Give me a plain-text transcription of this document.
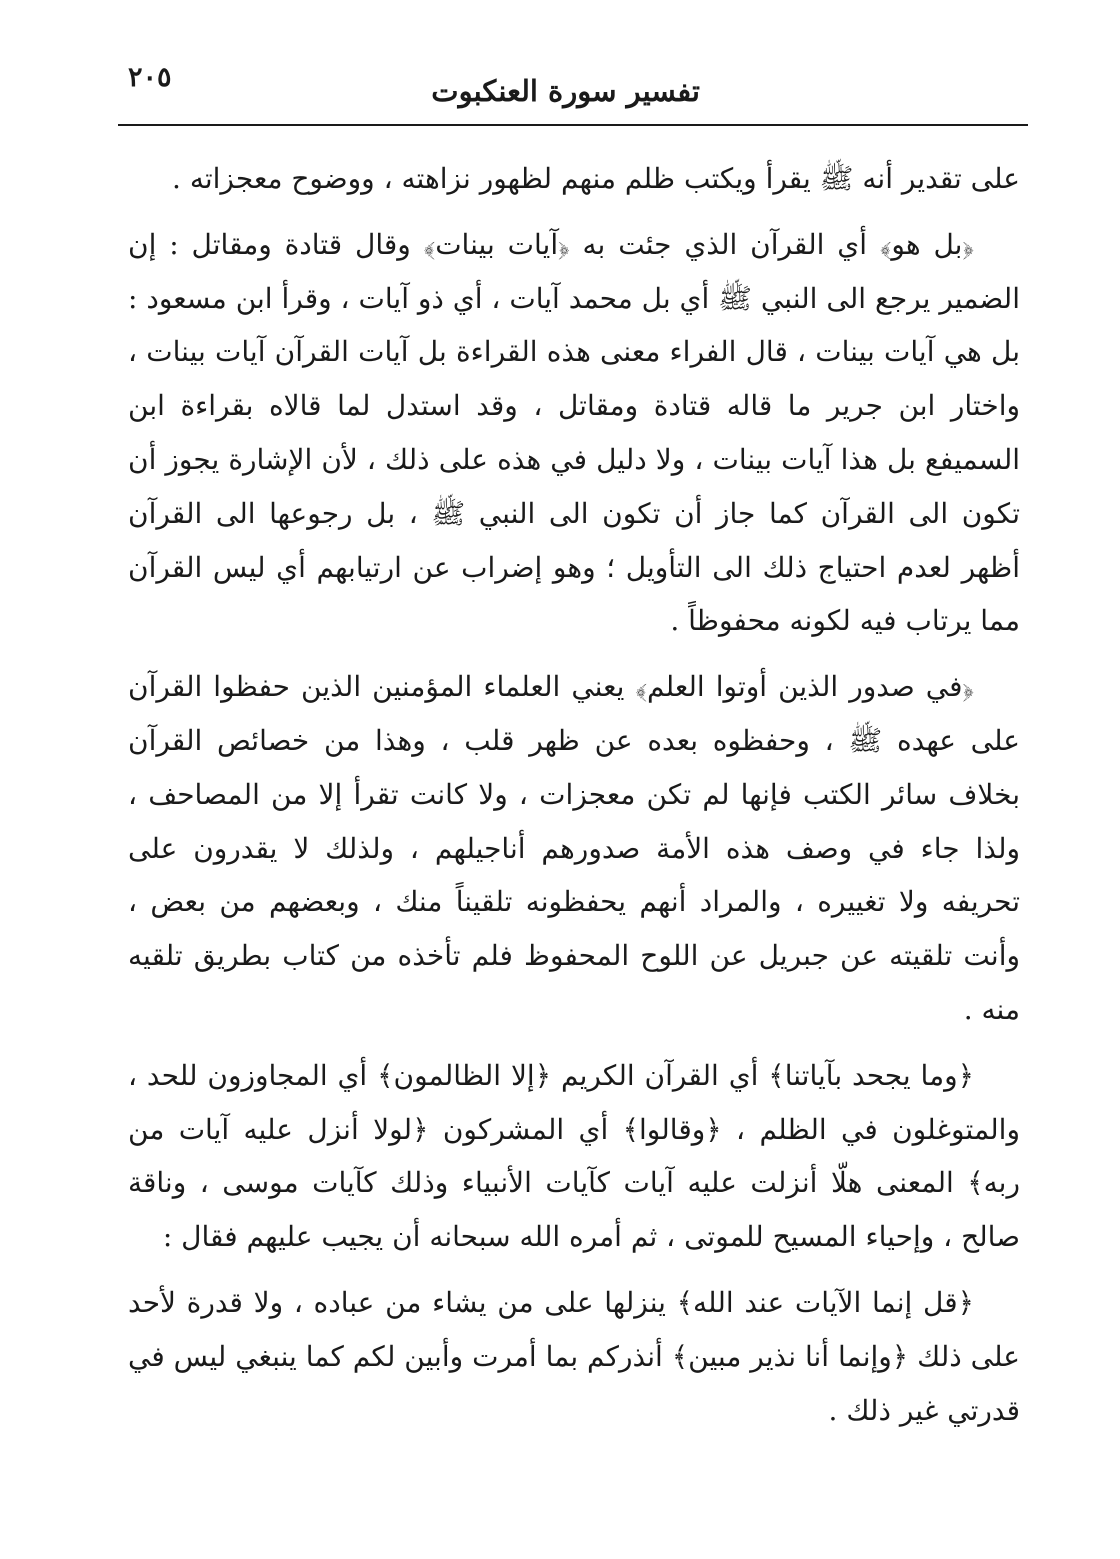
٢٠٥	تفسير سورة العنكبوت

على تقدير أنه ﷺ يقرأ ويكتب ظلم منهم لظهور نزاهته ، ووضوح معجزاته .

﴿بل هو﴾ أي القرآن الذي جئت به ﴿آيات بينات﴾ وقال قتادة ومقاتل : إن الضمير يرجع الى النبي ﷺ أي بل محمد آيات ، أي ذو آيات ، وقرأ ابن مسعود : بل هي آيات بينات ، قال الفراء معنى هذه القراءة بل آيات القرآن آيات بينات ، واختار ابن جرير ما قاله قتادة ومقاتل ، وقد استدل لما قالاه بقراءة ابن السميفع بل هذا آيات بينات ، ولا دليل في هذه على ذلك ، لأن الإشارة يجوز أن تكون الى القرآن كما جاز أن تكون الى النبي ﷺ ، بل رجوعها الى القرآن أظهر لعدم احتياج ذلك الى التأويل ؛ وهو إضراب عن ارتيابهم أي ليس القرآن مما يرتاب فيه لكونه محفوظاً .

﴿في صدور الذين أوتوا العلم﴾ يعني العلماء المؤمنين الذين حفظوا القرآن على عهده ﷺ ، وحفظوه بعده عن ظهر قلب ، وهذا من خصائص القرآن بخلاف سائر الكتب فإنها لم تكن معجزات ، ولا كانت تقرأ إلا من المصاحف ، ولذا جاء في وصف هذه الأمة صدورهم أناجيلهم ، ولذلك لا يقدرون على تحريفه ولا تغييره ، والمراد أنهم يحفظونه تلقيناً منك ، وبعضهم من بعض ، وأنت تلقيته عن جبريل عن اللوح المحفوظ فلم تأخذه من كتاب بطريق تلقيه منه .

﴿وما يجحد بآياتنا﴾ أي القرآن الكريم ﴿إلا الظالمون﴾ أي المجاوزون للحد ، والمتوغلون في الظلم ، ﴿وقالوا﴾ أي المشركون ﴿لولا أنزل عليه آيات من ربه﴾ المعنى هلّا أنزلت عليه آيات كآيات الأنبياء وذلك كآيات موسى ، وناقة صالح ، وإحياء المسيح للموتى ، ثم أمره الله سبحانه أن يجيب عليهم فقال :

﴿قل إنما الآيات عند الله﴾ ينزلها على من يشاء من عباده ، ولا قدرة لأحد على ذلك ﴿وإنما أنا نذير مبين﴾ أنذركم بما أمرت وأبين لكم كما ينبغي ليس في قدرتي غير ذلك .
